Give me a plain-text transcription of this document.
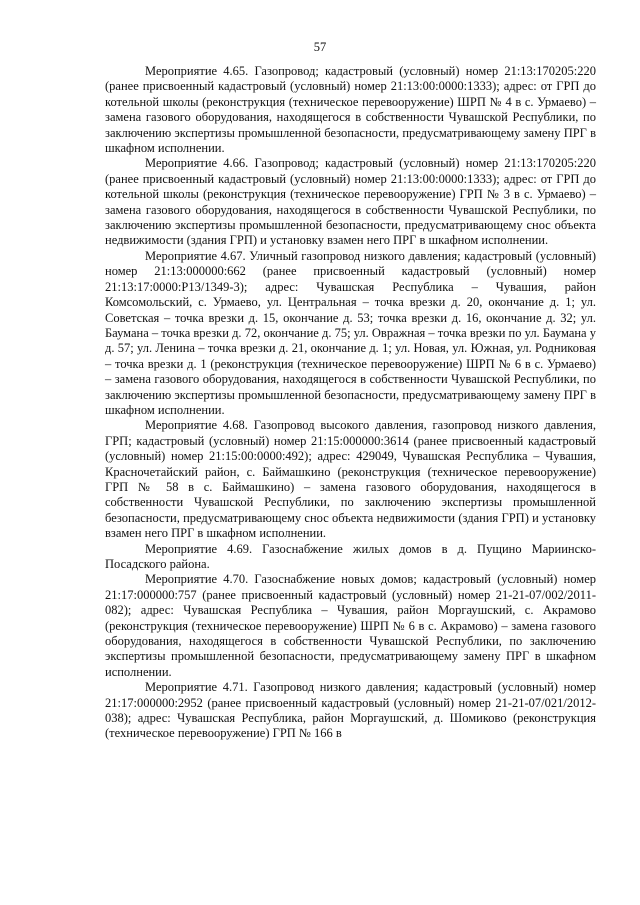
57

Мероприятие 4.65. Газопровод; кадастровый (условный) номер 21:13:170205:220 (ранее присвоенный кадастровый (условный) номер 21:13:00:0000:1333); адрес: от ГРП до котельной школы (реконструкция (техническое перевооружение) ШРП № 4 в с. Урмаево) – замена газового оборудования, находящегося в собственности Чувашской Республики, по заключению экспертизы промышленной безопасности, предусматривающему замену ПРГ в шкафном исполнении.

Мероприятие 4.66. Газопровод; кадастровый (условный) номер 21:13:170205:220 (ранее присвоенный кадастровый (условный) номер 21:13:00:0000:1333); адрес: от ГРП до котельной школы (реконструкция (техническое перевооружение) ГРП № 3 в с. Урмаево) – замена газового оборудования, находящегося в собственности Чувашской Республики, по заключению экспертизы промышленной безопасности, предусматривающему снос объекта недвижимости (здания ГРП) и установку взамен него ПРГ в шкафном исполнении.

Мероприятие 4.67. Уличный газопровод низкого давления; кадастровый (условный) номер 21:13:000000:662 (ранее присвоенный кадастровый (условный) номер 21:13:17:0000:Р13/1349-3); адрес: Чувашская Республика – Чувашия, район Комсомольский, с. Урмаево, ул. Центральная – точка врезки д. 20, окончание д. 1; ул. Советская – точка врезки д. 15, окончание д. 53; точка врезки д. 16, окончание д. 32; ул. Баумана – точка врезки д. 72, окончание д. 75; ул. Овражная – точка врезки по ул. Баумана у д. 57; ул. Ленина – точка врезки д. 21, окончание д. 1; ул. Новая, ул. Южная, ул. Родниковая – точка врезки д. 1 (реконструкция (техническое перевооружение) ШРП № 6 в с. Урмаево) – замена газового оборудования, находящегося в собственности Чувашской Республики, по заключению экспертизы промышленной безопасности, предусматривающему замену ПРГ в шкафном исполнении.

Мероприятие 4.68. Газопровод высокого давления, газопровод низкого давления, ГРП; кадастровый (условный) номер 21:15:000000:3614 (ранее присвоенный кадастровый (условный) номер 21:15:00:0000:492); адрес: 429049, Чувашская Республика – Чувашия, Красночетайский район, с. Баймашкино (реконструкция (техническое перевооружение) ГРП № 58 в с. Баймашкино) – замена газового оборудования, находящегося в собственности Чувашской Республики, по заключению экспертизы промышленной безопасности, предусматривающему снос объекта недвижимости (здания ГРП) и установку взамен него ПРГ в шкафном исполнении.

Мероприятие 4.69. Газоснабжение жилых домов в д. Пущино Мариинско-Посадского района.

Мероприятие 4.70. Газоснабжение новых домов; кадастровый (условный) номер 21:17:000000:757 (ранее присвоенный кадастровый (условный) номер 21-21-07/002/2011-082); адрес: Чувашская Республика – Чувашия, район Моргаушский, с. Акрамово (реконструкция (техническое перевооружение) ШРП № 6 в с. Акрамово) – замена газового оборудования, находящегося в собственности Чувашской Республики, по заключению экспертизы промышленной безопасности, предусматривающему замену ПРГ в шкафном исполнении.

Мероприятие 4.71. Газопровод низкого давления; кадастровый (условный) номер 21:17:000000:2952 (ранее присвоенный кадастровый (условный) номер 21-21-07/021/2012-038); адрес: Чувашская Республика, район Моргаушский, д. Шомиково (реконструкция (техническое перевооружение) ГРП № 166 в
